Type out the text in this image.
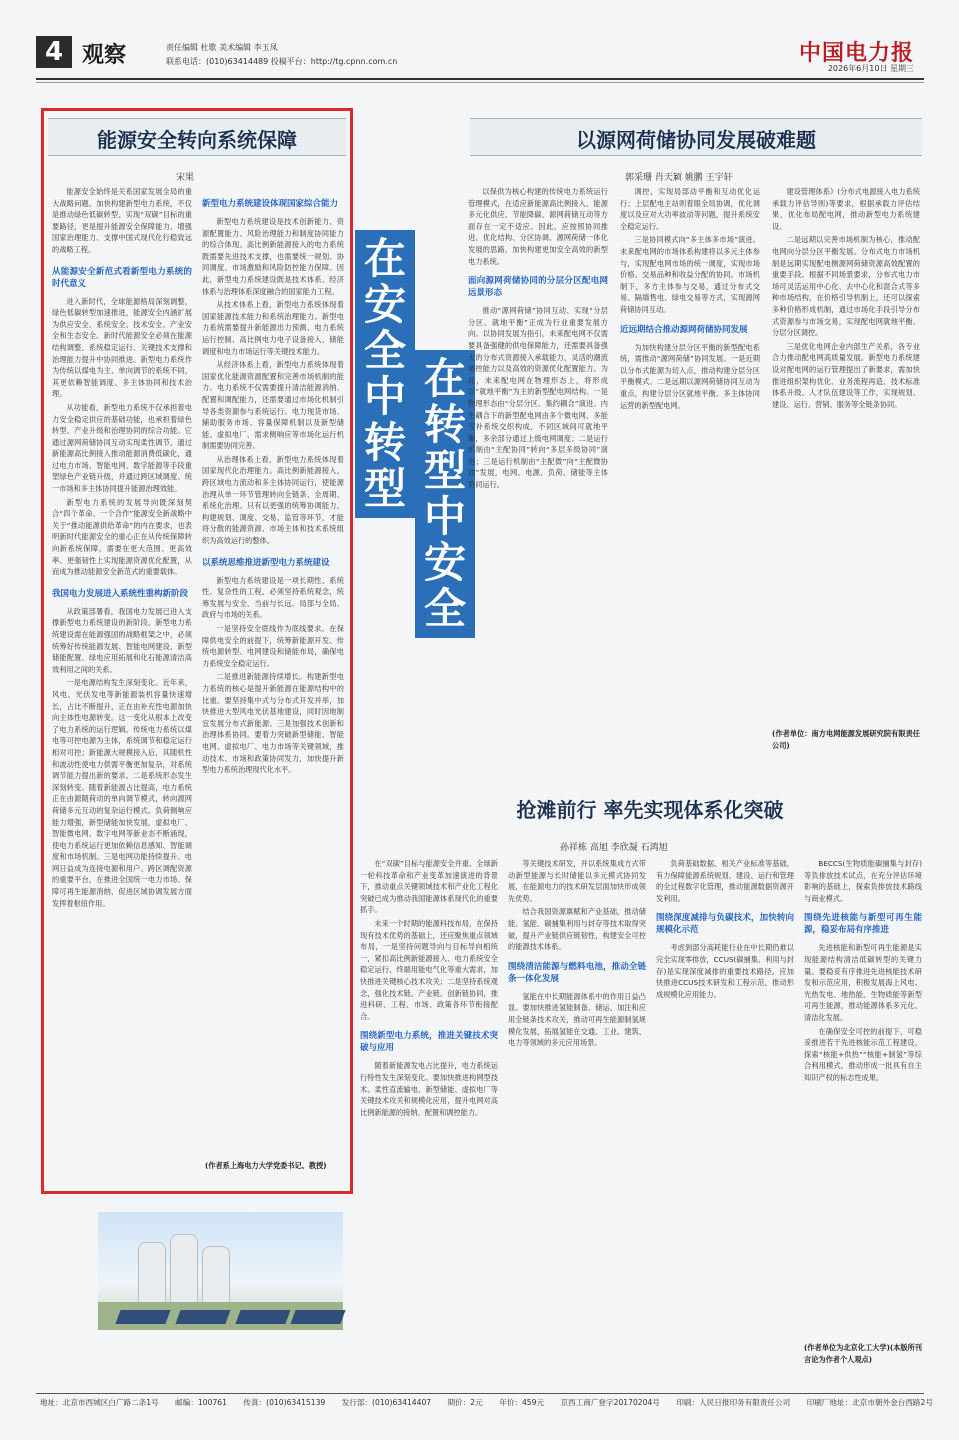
4 观察	责任编辑 杜歌 美术编辑 李玉凤
联系电话：(010)63414489 投稿平台：http://tg.cpnn.com.cn	中国电力报
2026年6月10日 星期三
能源安全转向系统保障
宋果

能源安全始终是关系国家发展全局的重大战略问题。加快构建新型电力系统，不仅是推动绿色低碳转型、实现“双碳”目标的重要路径，更是提升能源安全保障能力、增强国家治理能力、支撑中国式现代化行稳致远的战略工程。

从能源安全新范式看新型电力系统的时代意义

进入新时代，全球能源格局深刻调整，绿色低碳转型加速推进，能源安全内涵扩展为供应安全、系统安全、技术安全、产业安全和生态安全。新时代能源安全必须在能源结构调整、系统稳定运行、关键技术支撑和治理能力提升中协同推进。新型电力系统作为传统以煤电为主、单向调节的系统不同，其更依赖智能调度、多主体协同和技术治理。

从功能看，新型电力系统不仅承担着电力安全稳定供应的基础功能，也承担着绿色转型、产业升级和治理协同的综合功能。它通过源网荷储协同互动实现柔性调节，通过新能源高比例接入推动能源消费低碳化，通过电力市场、智能电网、数字能源等手段重塑绿色产业链升级，并通过跨区域调度、统一市场和多主体协同提升能源治理效能。

新型电力系统的发展导向既深刻契合“四个革命、一个合作”能源安全新战略中关于“推动能源供给革命”的内在要求，也表明新时代能源安全的重心正在从传统保障转向新系统保障，需要在更大范围、更高效率、更强韧性上实现能源资源优化配置，从而成为推动能源安全新范式的重要载体。

我国电力发展进入系统性重构新阶段

从政策部署看，我国电力发展已进入支撑新型电力系统建设的新阶段。新型电力系统建设需在能源强国的战略框架之中，必须统筹好传统能源发展、智能电网建设、新型储能配置、绿电应用拓展和化石能源清洁高效利用之间的关系。

一是电源结构发生深刻变化。近年来，风电、光伏发电等新能源装机容量快速增长，占比不断提升，正在由补充性电源加快向主体性电源转变。这一变化从根本上改变了电力系统的运行逻辑。传统电力系统以煤电等可控电源为主体，系统调节和稳定运行相对可控；新能源大规模接入后，其随机性和波动性使电力供需平衡更加复杂，对系统调节能力提出新的要求。二是系统形态发生深刻转变。随着新能源占比提高，电力系统正在由源随荷动的单向调节模式，转向源网荷储多元互动的复杂运行模式。负荷侧响应能力增强，新型储能加快发展，虚拟电厂、智能微电网、数字电网等新业态不断涌现，使电力系统运行更加依赖信息感知、智能调度和市场机制。三是电网功能持续提升。电网日益成为连接电源和用户、跨区调配资源的重要平台，在推进全国统一电力市场、保障可再生能源消纳、促进区域协调发展方面发挥着枢纽作用。

新型电力系统建设体现国家综合能力

新型电力系统建设是技术创新能力、资源配置能力、风险治理能力和制度协同能力的综合体现。高比例新能源接入的电力系统既需要先进技术支撑，也需要统一规划、协同调度、市场激励和风险防控能力保障。因此，新型电力系统建设既是技术体系、经济体系与治理体系深度融合的国家能力工程。

从技术体系上看，新型电力系统体现着国家能源技术能力和系统治理能力。新型电力系统需要提升新能源出力预测、电力系统运行控制、高比例电力电子设备接入、储能调度和电力市场运行等关键技术能力。

从经济体系上看，新型电力系统体现着国家优化能源资源配置和完善市场机制的能力。电力系统不仅需要提升清洁能源消纳、配置和调配能力，还需要通过市场化机制引导各类资源参与系统运行。电力现货市场、辅助服务市场、容量保障机制以及新型储能、虚拟电厂、需求侧响应等市场化运行机制需要协同完善。

从治理体系上看，新型电力系统体现着国家现代化治理能力。高比例新能源接入，跨区域电力流动和多主体协同运行，使能源治理从单一环节管理转向全链条、全周期、系统化治理。只有以更强的统筹协调能力，构建规划、调度、交易、监管等环节，才能将分散的能源资源、市场主体和技术系统组织为高效运行的整体。

以系统思维推进新型电力系统建设

新型电力系统建设是一项长期性、系统性、复杂性的工程，必须坚持系统观念，统筹发展与安全、当前与长远、局部与全局、政府与市场的关系。

一是坚持安全底线作为底线要求。在保障供电安全的前提下，统筹新能源开发、传统电源转型、电网建设和储能布局，确保电力系统安全稳定运行。

二是推进新能源持续增长。构建新型电力系统的核心是提升新能源在能源结构中的比重。要坚持集中式与分布式开发并举，加快推进大型风电光伏基地建设，同时因地制宜发展分布式新能源。三是加强技术创新和治理体系协同。要着力突破新型储能、智能电网、虚拟电厂、电力市场等关键领域，推动技术、市场和政策协同发力，加快提升新型电力系统治理现代化水平。

(作者系上海电力大学党委书记、教授)
在安全中转型
在转型中安全
以源网荷储协同发展破难题
郭采珊 肖天颖 姚鹏 王宇轩

以保供为核心构建的传统电力系统运行管理模式，在适应新能源高比例接入、能源多元化供应、节能降碳、源网荷储互动等方面存在一定不适应。因此，应按照协同推进、优化结构、分区协调、源网荷储一体化发展的思路，加快构建更加安全高效的新型电力系统。

面向源网荷储协同的分层分区配电网远景形态

推动“源网荷储”协同互动、实现“分层分区、就地平衡”正成为行业重要发展方向。以协同发展为指引，未来配电网不仅需要具备强健的供电保障能力，还需要具备强大的分布式资源接入承载能力，灵活的潮流调控能力以及高效的资源优化配置能力。为此，未来配电网在物理形态上，将形成以“就地平衡”为主的新型配电网结构。一是物理形态由“分层分区、集约耦合”演进。内生耦合下的新型配电网由多个微电网、多能互补系统交织构成，不同区域间可就地平衡，多余部分通过上级电网调度；二是运行机制由“主配协同”转向“多层多级协同”演进；三是运行机制由“主配微”向“主配微协同”发展，电网、电源、负荷、储能等主体协同运行。

调控，实现局部动平衡和互动优化运行；上层配电主站则着眼全局协调，优化调度以及应对大功率波动等问题，提升系统安全稳定运行。

三是协同模式向“多主体多市场”演进。未来配电网的市场体系构建将以多元主体参与，实现配电网市场的统一调度，实现市场价格、交易品种和收益分配的协同。市场机制下，多方主体参与交易，通过分布式交易、隔墙售电、绿电交易等方式，实现源网荷储协同互动。

近远期结合推动源网荷储协同发展

为加快构建分层分区平衡的新型配电系统，需推动“源网荷储”协同发展。一是近期以分布式能源为切入点，推动构建分层分区平衡模式。二是远期以源网荷储协同互动为重点，构建分层分区就地平衡、多主体协同运营的新型配电网。

建设管理体系》(分布式电源接入电力系统承载力评估导则)等要求，根据承载力评估结果，优化布局配电网，推动新型电力系统建设。

二是远期以完善市场机制为核心，推动配电网向分层分区平衡发展。分布式电力市场机制是远期实现配电侧源网荷储资源高效配置的重要手段。根据不同场景要求，分布式电力市场可灵活运用中心化、去中心化和混合式等多种市场结构，在价格引导机制上，还可以探索多种价格形成机制，通过市场化手段引导分布式资源参与市场交易，实现配电网就地平衡、分层分区调控。

三是优化电网企业内部生产关系，各专业合力推动配电网高质量发展。新型电力系统建设对配电网的运行管理提出了新要求，需加快推进组织架构优化、业务流程再造、技术标准体系升级、人才队伍建设等工作，实现规划、建设、运行、营销、服务等全链条协同。

(作者单位：南方电网能源发展研究院有限责任公司)
抢滩前行 率先实现体系化突破
孙祥栋 高旭 李欣凝 石鸿旭

在“双碳”目标与能源安全并重、全球新一轮科技革命和产业变革加速演进的背景下，推动重点关键领域技术和产业化工程化突破已成为推动我国能源体系现代化的重要抓手。

未来一个时期的能源科技布局，在保持现有技术优势的基础上，还应聚焦重点领域布局，一是坚持问题导向与目标导向相统一，紧扣高比例新能源接入、电力系统安全稳定运行、终端用能电气化等重大需求，加快推进关键核心技术攻关；二是坚持系统观念，强化技术链、产业链、创新链协同，推进科研、工程、市场、政策各环节衔接配合。

围绕新型电力系统，推进关键技术突破与应用

随着新能源发电占比提升，电力系统运行特性发生深刻变化。要加快推进构网型技术、柔性直流输电、新型储能、虚拟电厂等关键技术攻关和规模化应用，提升电网对高比例新能源的接纳、配置和调控能力。

等关键技术研发，并以系统集成方式带动新型能源与长时储能以多元模式协同发展，在能源电力的技术研发层面加快形成领先优势。

结合我国资源禀赋和产业基础，推动储能、氢能、碳捕集利用与封存等技术取得突破，提升产业链供应链韧性，构建安全可控的能源技术体系。

围绕清洁能源与燃料电池，推动全链条一体化发展

氢能在中长期能源体系中的作用日益凸显。要加快推进氢能制备、储运、加注和应用全链条技术攻关，推动可再生能源制氢规模化发展，拓展氢能在交通、工业、建筑、电力等领域的多元应用场景。

负荷基础数据、相关产业标准等基础，有力保障能源系统规划、建设、运行和管理的全过程数字化管理，推动能源数据资源开发利用。

围绕深度减排与负碳技术，加快转向规模化示范

考虑到部分高耗能行业在中长期仍难以完全实现零排放，CCUS(碳捕集、利用与封存)是实现深度减排的重要技术路径。应加快推进CCUS技术研发和工程示范，推动形成规模化应用能力。

BECCS(生物质能碳捕集与封存)等负排放技术试点，在充分评估环境影响的基础上，探索负排放技术路线与商业模式。

围绕先进核能与新型可再生能源，稳妥布局有序推进

先进核能和新型可再生能源是实现能源结构清洁低碳转型的关键力量。要稳妥有序推进先进核能技术研发和示范应用，积极发展海上风电、光热发电、地热能、生物质能等新型可再生能源，推动能源体系多元化、清洁化发展。

在确保安全可控的前提下，可稳妥推进若干先进核能示范工程建设，探索“核能+供热”“核能+制氢”等综合利用模式，推动形成一批具有自主知识产权的标志性成果。

(作者单位为北京化工大学)(本版所刊言论为作者个人观点)
地址：北京市西城区白广路二条1号 邮编：100761 传真：(010)63415139 发行部：(010)63414407 期价：2元 年价：459元 京西工商广登字20170204号 印刷：人民日报印务有限责任公司 印刷厂地址：北京市朝外金台西路2号
